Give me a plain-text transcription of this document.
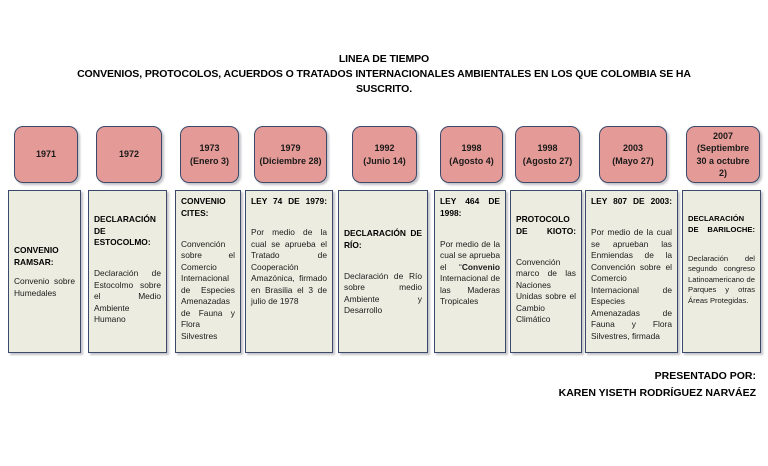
LINEA DE TIEMPO
CONVENIOS, PROTOCOLOS, ACUERDOS O TRATADOS INTERNACIONALES AMBIENTALES EN LOS QUE COLOMBIA SE HA SUSCRITO.
1971

CONVENIO RAMSAR:

Convenio sobre Humedales

1972

DECLARACIÓN DE ESTOCOLMO:

Declaración de Estocolmo sobre el Medio Ambiente Humano

1973
(Enero 3)

CONVENIO CITES:

Convención sobre el Comercio Internacional de Especies Amenazadas de Fauna y Flora Silvestres

1979
(Diciembre 28)

LEY 74 DE 1979:

Por medio de la cual se aprueba el Tratado de Cooperación Amazónica, firmado en Brasilia el 3 de julio de 1978

1992
(Junio 14)

DECLARACIÓN DE RÍO:

Declaración de Río sobre medio Ambiente y Desarrollo

1998
(Agosto 4)

LEY 464 DE 1998:

Por medio de la cual se aprueba el “Convenio Internacional de las Maderas Tropicales

1998
(Agosto 27)

PROTOCOLO DE KIOTO:

Convención marco de las Naciones Unidas sobre el Cambio Climático

2003
(Mayo 27)

LEY 807 DE 2003:

Por medio de la cual se aprueban las Enmiendas de la Convención sobre el Comercio Internacional de Especies Amenazadas de Fauna y Flora Silvestres, firmada

2007
(Septiembre
30 a octubre
2)

DECLARACIÓN DE BARILOCHE:

Declaración del segundo congreso Latinoamericano de Parques y otras Áreas Protegidas.

PRESENTADO POR:
KAREN YISETH RODRÍGUEZ NARVÁEZ
